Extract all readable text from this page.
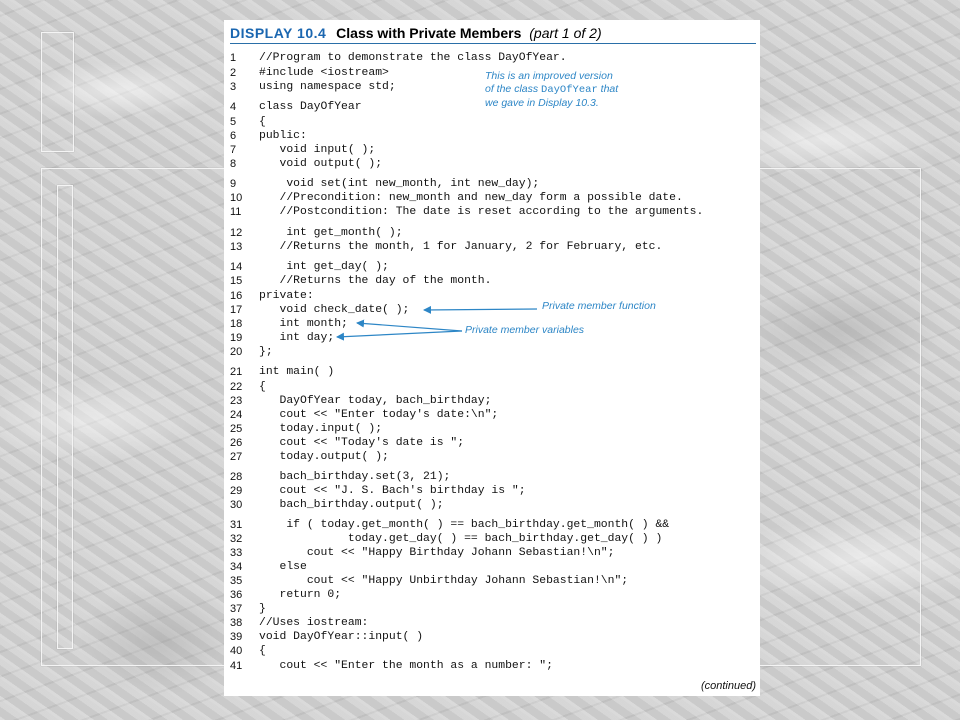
DISPLAY 10.4 Class with Private Members (part 1 of 2)
1	//Program to demonstrate the class DayOfYear.
2	#include <iostream>
3	using namespace std;
4	class DayOfYear
5	{
6	public:
7	void input( );
8	void output( );
9	void set(int new_month, int new_day);
10	//Precondition: new_month and new_day form a possible date.
11	//Postcondition: The date is reset according to the arguments.
12	int get_month( );
13	//Returns the month, 1 for January, 2 for February, etc.
14	int get_day( );
15	//Returns the day of the month.
16	private:
17	void check_date( );
18	int month;
19	int day;
20	};
21	int main( )
22	{
23	DayOfYear today, bach_birthday;
24	cout << "Enter today's date:\n";
25	today.input( );
26	cout << "Today's date is ";
27	today.output( );
28	bach_birthday.set(3, 21);
29	cout << "J. S. Bach's birthday is ";
30	bach_birthday.output( );
31	if ( today.get_month( ) == bach_birthday.get_month( ) &&
32	today.get_day( ) == bach_birthday.get_day( ) )
33	cout << "Happy Birthday Johann Sebastian!\n";
34	else
35	cout << "Happy Unbirthday Johann Sebastian!\n";
36	return 0;
37	}
38	//Uses iostream:
39	void DayOfYear::input( )
40	{
41	cout << "Enter the month as a number: ";
This is an improved version
of the class DayOfYear that
we gave in Display 10.3.
Private member function
Private member variables
(continued)
